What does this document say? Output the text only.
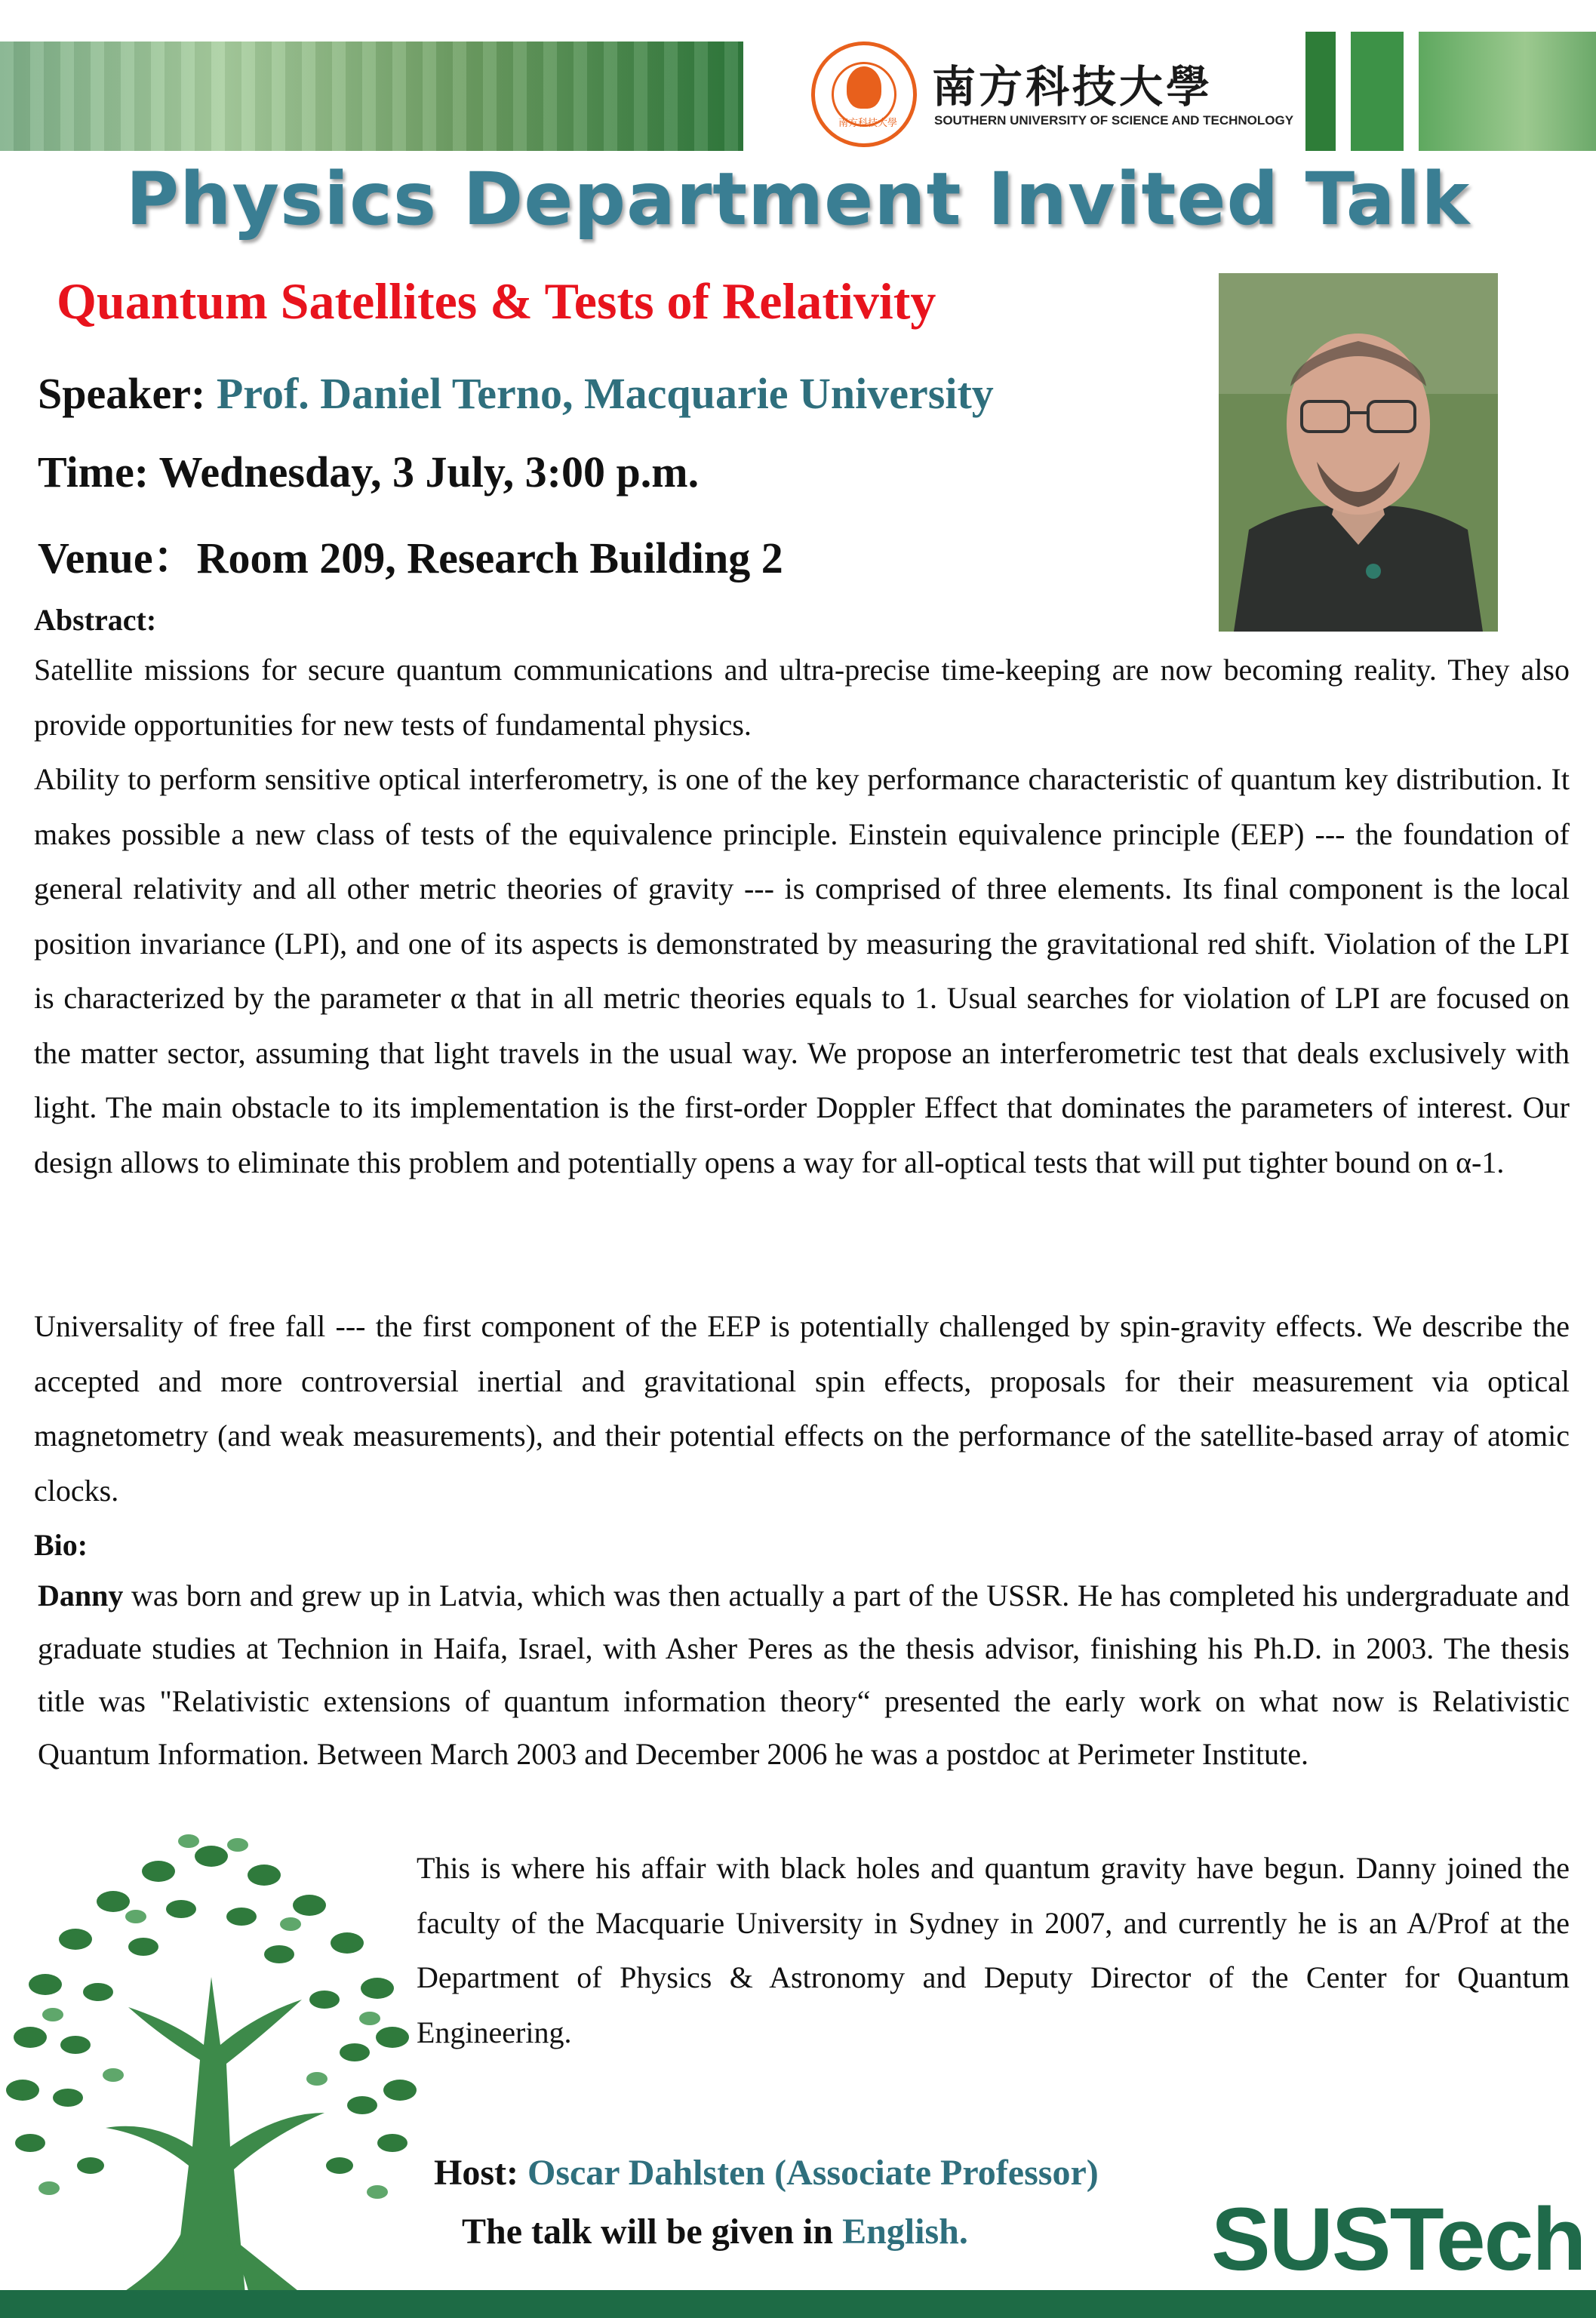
南方科技大學
南方科技大學
SOUTHERN UNIVERSITY OF SCIENCE AND TECHNOLOGY
Physics Department Invited Talk
Quantum Satellites & Tests of Relativity
Speaker: Prof. Daniel Terno, Macquarie University
Time: Wednesday, 3 July, 3:00 p.m.
Venue：Room 209, Research Building 2
Abstract:
Satellite missions for secure quantum communications and ultra-precise time-keeping are now becoming reality. They also provide opportunities for new tests of fundamental physics.
Ability to perform sensitive optical interferometry, is one of the key performance characteristic of quantum key distribution. It makes possible a new class of tests of the equivalence principle. Einstein equivalence principle (EEP) --- the foundation of general relativity and all other metric theories of gravity --- is comprised of three elements. Its final component is the local position invariance (LPI), and one of its aspects is demonstrated by measuring the gravitational red shift. Violation of the LPI is characterized by the parameter α that in all metric theories equals to 1. Usual searches for violation of LPI are focused on the matter sector, assuming that light travels in the usual way. We propose an interferometric test that deals exclusively with light. The main obstacle to its implementation is the first-order Doppler Effect that dominates the parameters of interest. Our design allows to eliminate this problem and potentially opens a way for all-optical tests that will put tighter bound on α-1.
Universality of free fall --- the first component of the EEP is potentially challenged by spin-gravity effects. We describe the accepted and more controversial inertial and gravitational spin effects, proposals for their measurement via optical magnetometry (and weak measurements), and their potential effects on the performance of the satellite-based array of atomic clocks.
Bio:
Danny was born and grew up in Latvia, which was then actually a part of the USSR. He has completed his undergraduate and graduate studies at Technion in Haifa, Israel, with Asher Peres as the thesis advisor, finishing his Ph.D. in 2003. The thesis title was "Relativistic extensions of quantum information theory“ presented the early work on what now is Relativistic Quantum Information. Between March 2003 and December 2006 he was a postdoc at Perimeter Institute.
This is where his affair with black holes and quantum gravity have begun. Danny joined the faculty of the Macquarie University in Sydney in 2007, and currently he is an A/Prof at the Department of Physics & Astronomy and Deputy Director of the Center for Quantum Engineering.
Host: Oscar Dahlsten (Associate Professor)
The talk will be given in English.	SUSTech
